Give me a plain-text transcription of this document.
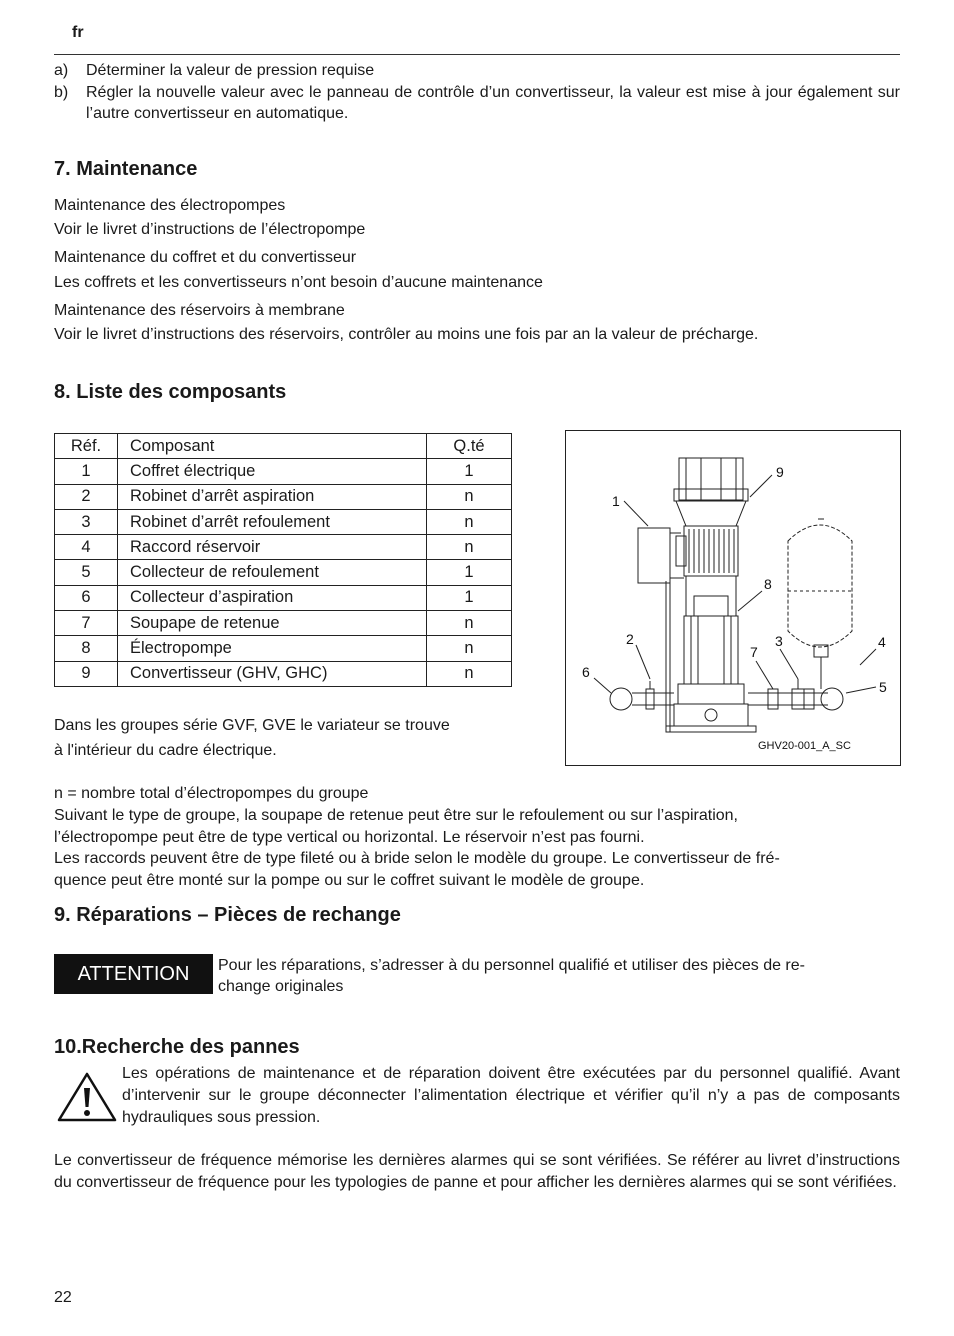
fr
a) Déterminer la valeur de pression requise
b) Régler la nouvelle valeur avec le panneau de contrôle d’un convertisseur, la valeur est mise à jour également sur l’autre convertisseur en automatique.
7. Maintenance
Maintenance des électropompes
Voir le livret d’instructions de l’électropompe
Maintenance du coffret et du convertisseur
Les coffrets et les convertisseurs n’ont besoin d’aucune maintenance
Maintenance des réservoirs à membrane
Voir le livret d’instructions des réservoirs, contrôler au moins une fois par an la valeur de précharge.
8. Liste des composants
Réf.	Composant	Q.té
1	Coffret électrique	1
2	Robinet d’arrêt aspiration	n
3	Robinet d’arrêt refoulement	n
4	Raccord réservoir	n
5	Collecteur de refoulement	1
6	Collecteur d’aspiration	1
7	Soupape de retenue	n
8	Électropompe	n
9	Convertisseur (GHV, GHC)	n
Dans les groupes série GVF, GVE le variateur se trouve
à l'intérieur du cadre électrique.
1
9
8
2	3
7
4
6
5
GHV20-001_A_SC
n = nombre total d’électropompes du groupe
Suivant le type de groupe, la soupape de retenue peut être sur le refoulement ou sur l’aspiration,
l’électropompe peut être de type vertical ou horizontal. Le réservoir n’est pas fourni.
Les raccords peuvent être de type fileté ou à bride selon le modèle du groupe. Le convertisseur de fré-
quence peut être monté sur la pompe ou sur le coffret suivant le modèle de groupe.
9. Réparations – Pièces de rechange
ATTENTION	Pour les réparations, s’adresser à du personnel qualifié et utiliser des pièces de re-
change originales
10.Recherche des pannes
Les opérations de maintenance et de réparation doivent être exécutées par du personnel qualifié. Avant d’intervenir sur le groupe déconnecter l’alimentation électrique et vérifier qu’il n’y a pas de composants hydrauliques sous pression.
Le convertisseur de fréquence mémorise les dernières alarmes qui se sont vérifiées. Se référer au livret d’instructions du convertisseur de fréquence pour les typologies de panne et pour afficher les dernières alarmes qui se sont vérifiées.
22
